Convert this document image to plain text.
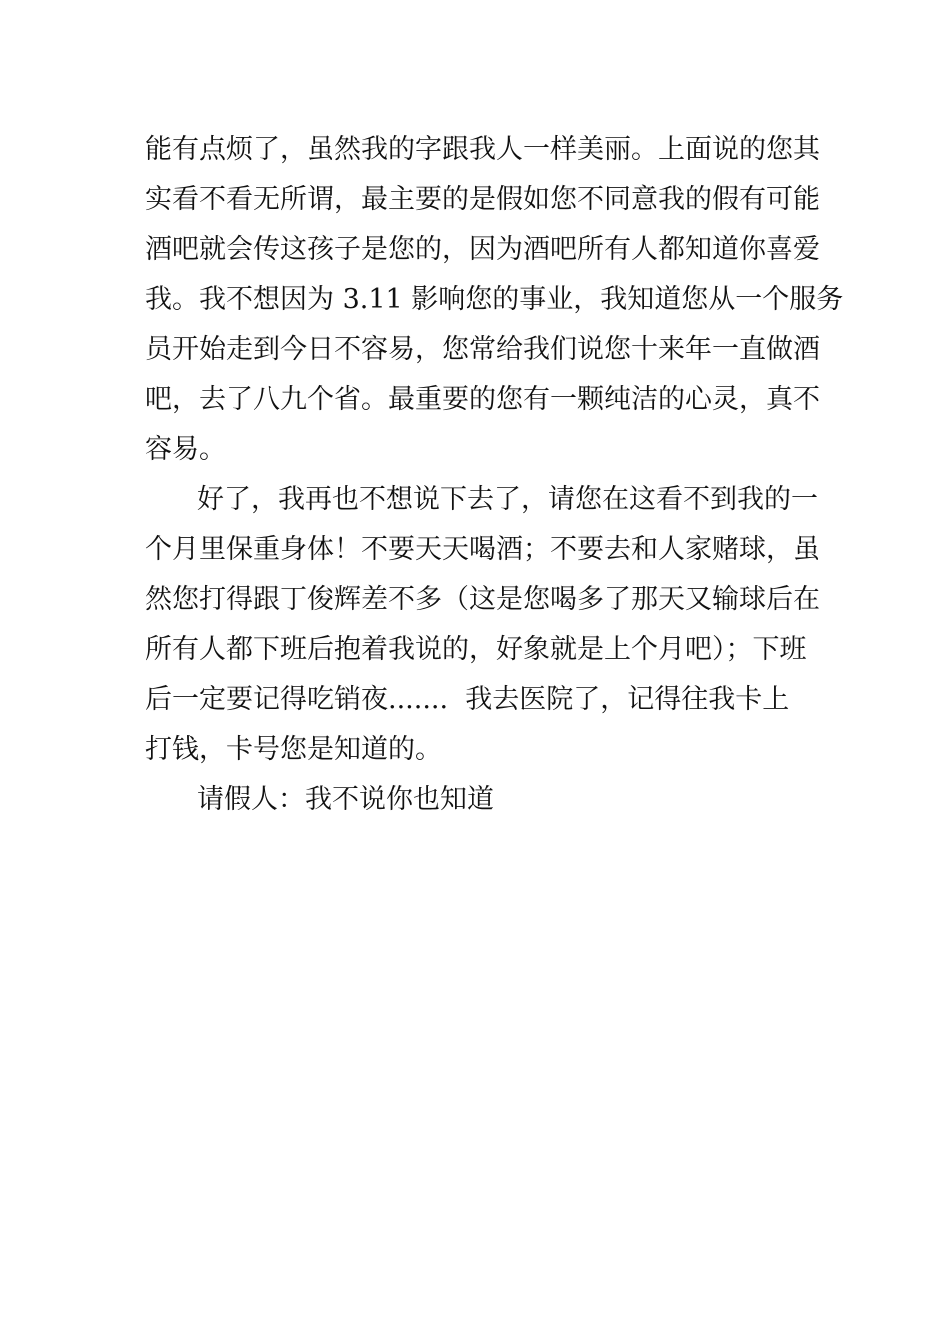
能有点烦了，虽然我的字跟我人一样美丽。上面说的您其

实看不看无所谓，最主要的是假如您不同意我的假有可能

酒吧就会传这孩子是您的，因为酒吧所有人都知道你喜爱

我。我不想因为 3.11 影响您的事业，我知道您从一个服务

员开始走到今日不容易，您常给我们说您十来年一直做酒

吧，去了八九个省。最重要的您有一颗纯洁的心灵，真不

容易。

好了，我再也不想说下去了，请您在这看不到我的一

个月里保重身体！不要天天喝酒；不要去和人家赌球，虽

然您打得跟丁俊辉差不多（这是您喝多了那天又输球后在

所有人都下班后抱着我说的，好象就是上个月吧）；下班

后一定要记得吃销夜.......  我去医院了，记得往我卡上

打钱，卡号您是知道的。

请假人：我不说你也知道
